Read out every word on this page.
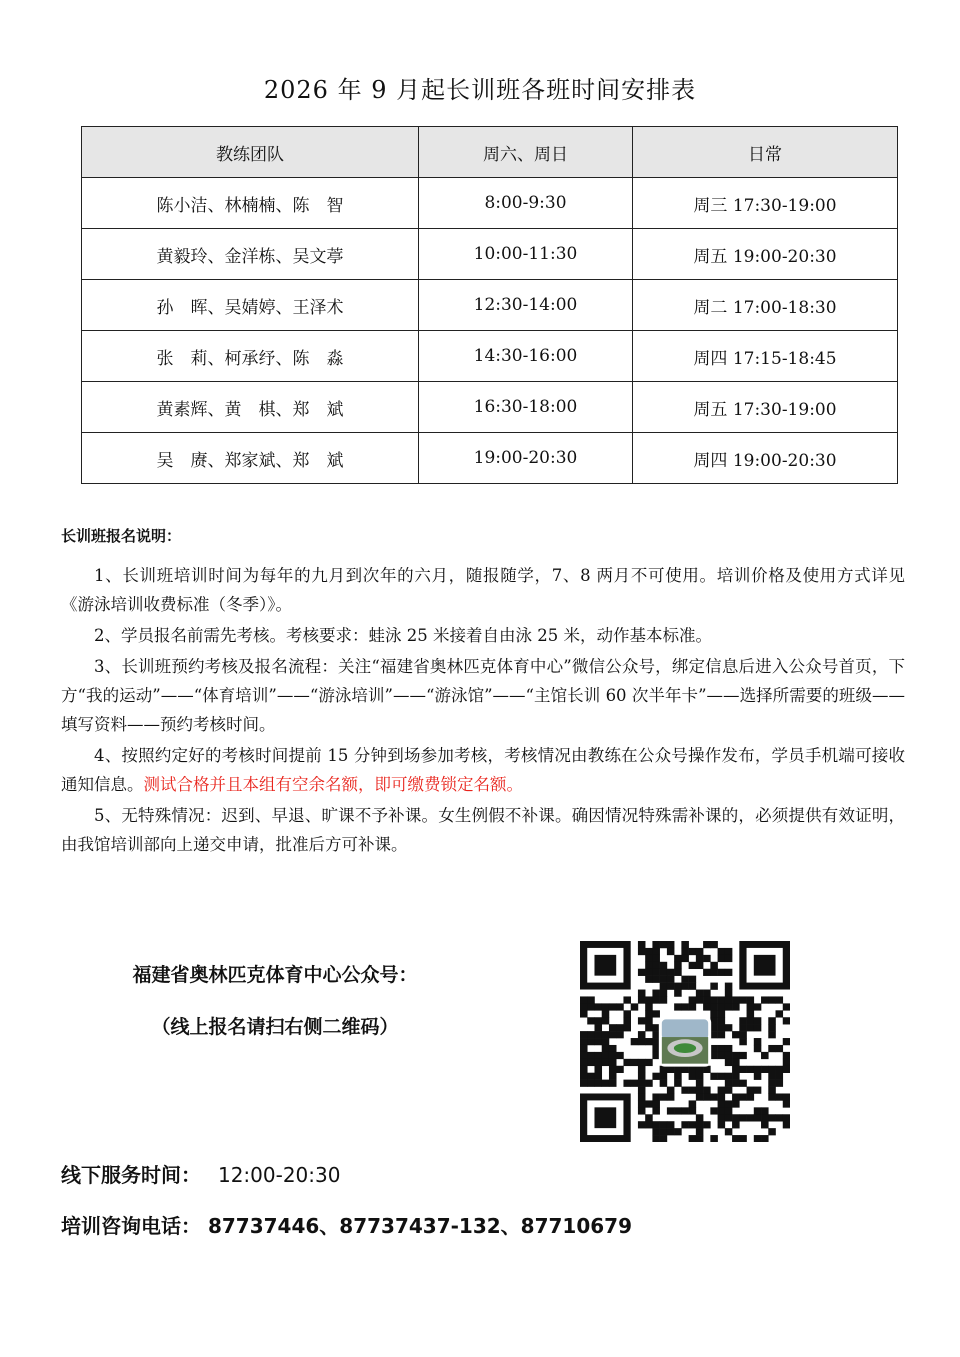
2026 年 9 月起长训班各班时间安排表
教练团队	周六、周日	日常
陈小洁、林楠楠、陈　智	8:00-9:30	周三 17:30-19:00
黄毅玲、金洋栋、吴文葶	10:00-11:30	周五 19:00-20:30
孙　晖、吴婧婷、王泽术	12:30-14:00	周二 17:00-18:30
张　莉、柯承纾、陈　淼	14:30-16:00	周四 17:15-18:45
黄素辉、黄　棋、郑　斌	16:30-18:00	周五 17:30-19:00
吴　赓、郑家斌、郑　斌	19:00-20:30	周四 19:00-20:30
长训班报名说明：

1、长训班培训时间为每年的九月到次年的六月，随报随学，7、8 两月不可使用。培训价格及使用方式详见《游泳培训收费标准（冬季）》。

2、学员报名前需先考核。考核要求：蛙泳 25 米接着自由泳 25 米，动作基本标准。

3、长训班预约考核及报名流程：关注“福建省奥林匹克体育中心”微信公众号，绑定信息后进入公众号首页，下方“我的运动”——“体育培训”——“游泳培训”——“游泳馆”——“主馆长训 60 次半年卡”——选择所需要的班级——填写资料——预约考核时间。

4、按照约定好的考核时间提前 15 分钟到场参加考核，考核情况由教练在公众号操作发布，学员手机端可接收通知信息。测试合格并且本组有空余名额，即可缴费锁定名额。

5、无特殊情况：迟到、早退、旷课不予补课。女生例假不补课。确因情况特殊需补课的，必须提供有效证明，由我馆培训部向上递交申请，批准后方可补课。

福建省奥林匹克体育中心公众号：
（线上报名请扫右侧二维码）
线下服务时间： 12:00-20:30
培训咨询电话： 87737446、87737437-132、87710679
